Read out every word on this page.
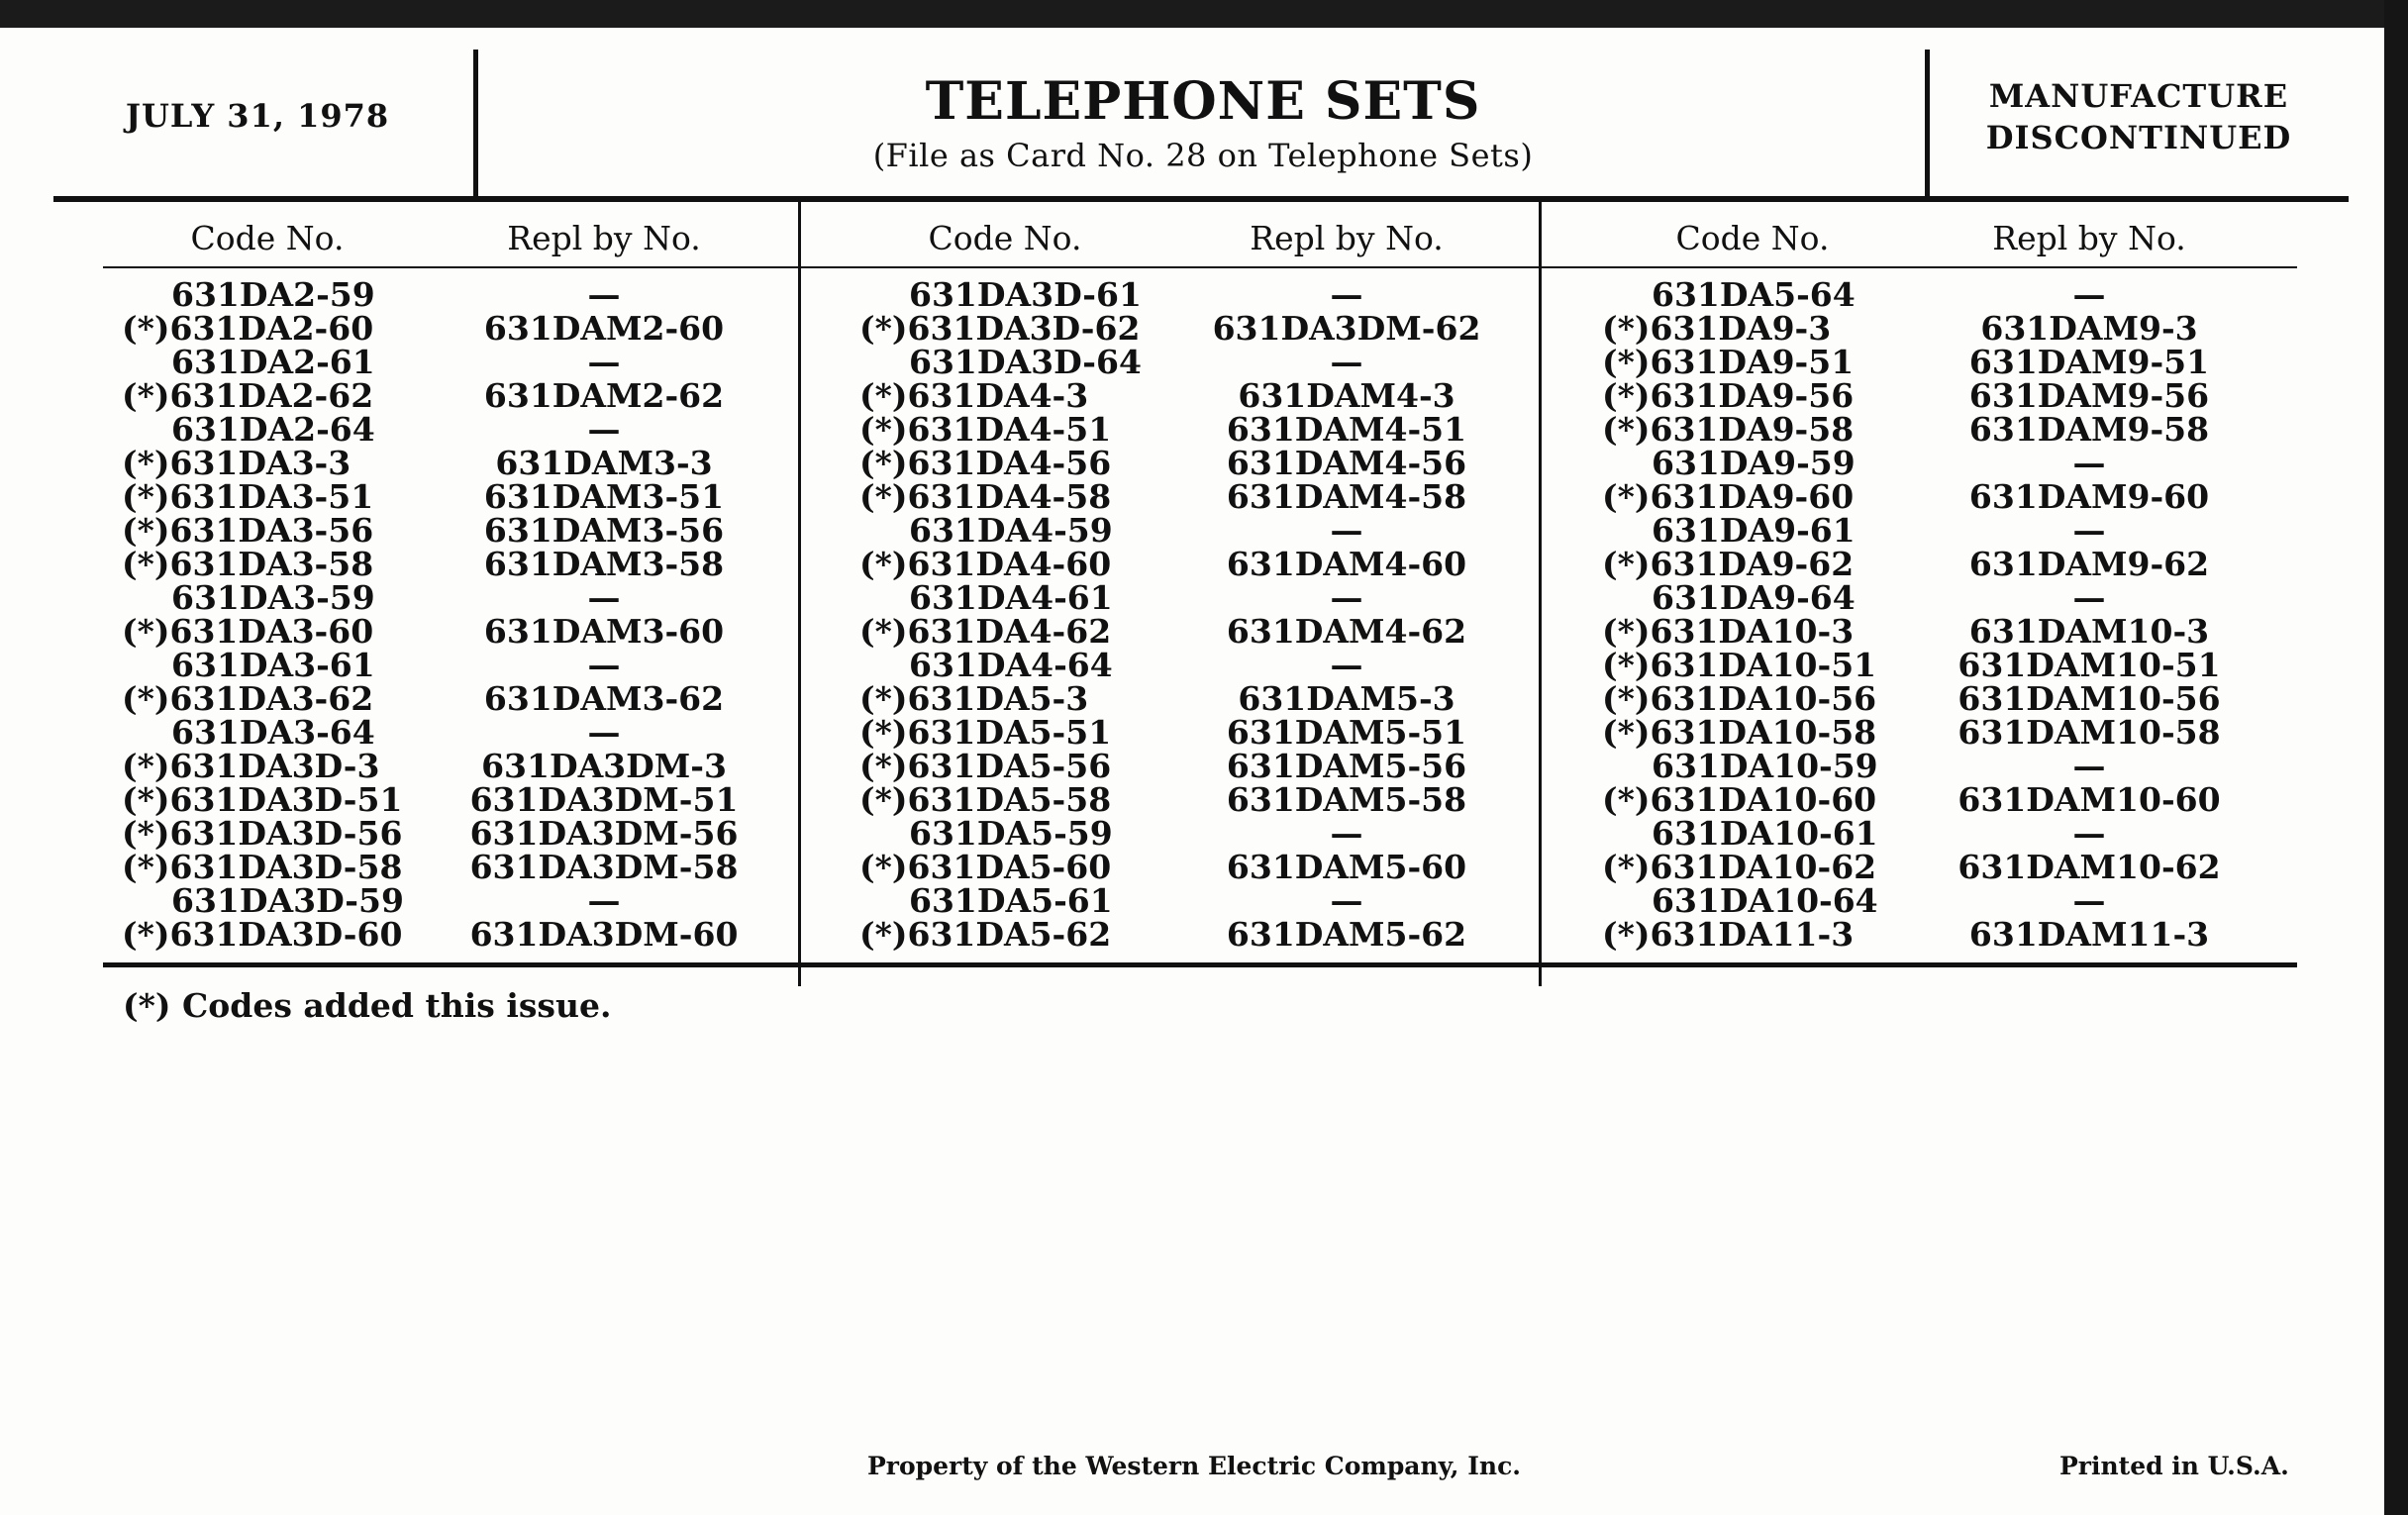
JULY 31, 1978	TELEPHONE SETS
(File as Card No. 28 on Telephone Sets)
MANUFACTURE
DISCONTINUED
Code No.	Repl by No.
631DA2-59	—
(*)631DA2-60	631DAM2-60
631DA2-61	—
(*)631DA2-62	631DAM2-62
631DA2-64	—
(*)631DA3-3	631DAM3-3
(*)631DA3-51	631DAM3-51
(*)631DA3-56	631DAM3-56
(*)631DA3-58	631DAM3-58
631DA3-59	—
(*)631DA3-60	631DAM3-60
631DA3-61	—
(*)631DA3-62	631DAM3-62
631DA3-64	—
(*)631DA3D-3	631DA3DM-3
(*)631DA3D-51	631DA3DM-51
(*)631DA3D-56	631DA3DM-56
(*)631DA3D-58	631DA3DM-58
631DA3D-59	—
(*)631DA3D-60	631DA3DM-60
Code No.	Repl by No.
631DA3D-61	—
(*)631DA3D-62	631DA3DM-62
631DA3D-64	—
(*)631DA4-3	631DAM4-3
(*)631DA4-51	631DAM4-51
(*)631DA4-56	631DAM4-56
(*)631DA4-58	631DAM4-58
631DA4-59	—
(*)631DA4-60	631DAM4-60
631DA4-61	—
(*)631DA4-62	631DAM4-62
631DA4-64	—
(*)631DA5-3	631DAM5-3
(*)631DA5-51	631DAM5-51
(*)631DA5-56	631DAM5-56
(*)631DA5-58	631DAM5-58
631DA5-59	—
(*)631DA5-60	631DAM5-60
631DA5-61	—
(*)631DA5-62	631DAM5-62
Code No.	Repl by No.
631DA5-64	—
(*)631DA9-3	631DAM9-3
(*)631DA9-51	631DAM9-51
(*)631DA9-56	631DAM9-56
(*)631DA9-58	631DAM9-58
631DA9-59	—
(*)631DA9-60	631DAM9-60
631DA9-61	—
(*)631DA9-62	631DAM9-62
631DA9-64	—
(*)631DA10-3	631DAM10-3
(*)631DA10-51	631DAM10-51
(*)631DA10-56	631DAM10-56
(*)631DA10-58	631DAM10-58
631DA10-59	—
(*)631DA10-60	631DAM10-60
631DA10-61	—
(*)631DA10-62	631DAM10-62
631DA10-64	—
(*)631DA11-3	631DAM11-3
(*) Codes added this issue.
Property of the Western Electric Company, Inc.	Printed in U.S.A.
